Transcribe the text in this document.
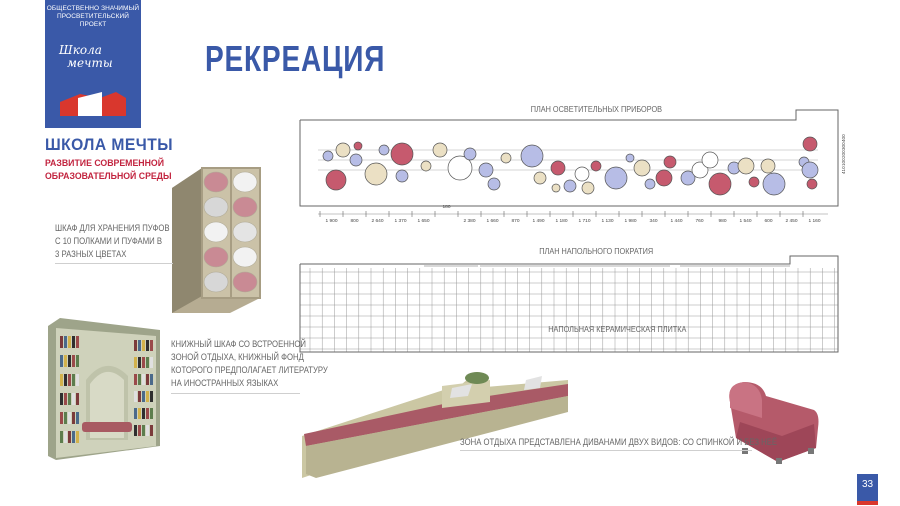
ОБЩЕСТВЕННО ЗНАЧИМЫЙ ПРОСВЕТИТЕЛЬСКИЙ ПРОЕКТ
Школа
мечты
ШКОЛА МЕЧТЫ
РАЗВИТИЕ СОВРЕМЕННОЙ
ОБРАЗОВАТЕЛЬНОЙ СРЕДЫ
РЕКРЕАЦИЯ
ШКАФ ДЛЯ ХРАНЕНИЯ ПУФОВ
С 10 ПОЛКАМИ И ПУФАМИ В
3 РАЗНЫХ ЦВЕТАХ
КНИЖНЫЙ ШКАФ СО ВСТРОЕННОЙ
ЗОНОЙ ОТДЫХА, КНИЖНЫЙ ФОНД
КОТОРОГО ПРЕДПОЛАГАЕТ ЛИТЕРАТУРУ
НА ИНОСТРАННЫХ ЯЗЫКАХ
ПЛАН ОСВЕТИТЕЛЬНЫХ ПРИБОРОВ
1 900	800	2 640 1 370 1 650
180
2 380 1 660	870	1 490 1 180 1 710 1 130 1 980	340	1 440	760	980	1 540	600	2 450 1 160
410
100
200
300
400
ПЛАН НАПОЛЬНОГО ПОКРАТИЯ
НАПОЛЬНАЯ КЕРАМИЧЕСКАЯ ПЛИТКА
ЗОНА ОТДЫХА ПРЕДСТАВЛЕНА ДИВАНАМИ ДВУХ ВИДОВ: СО СПИНКОЙ И БЕЗ НЕЁ
33
